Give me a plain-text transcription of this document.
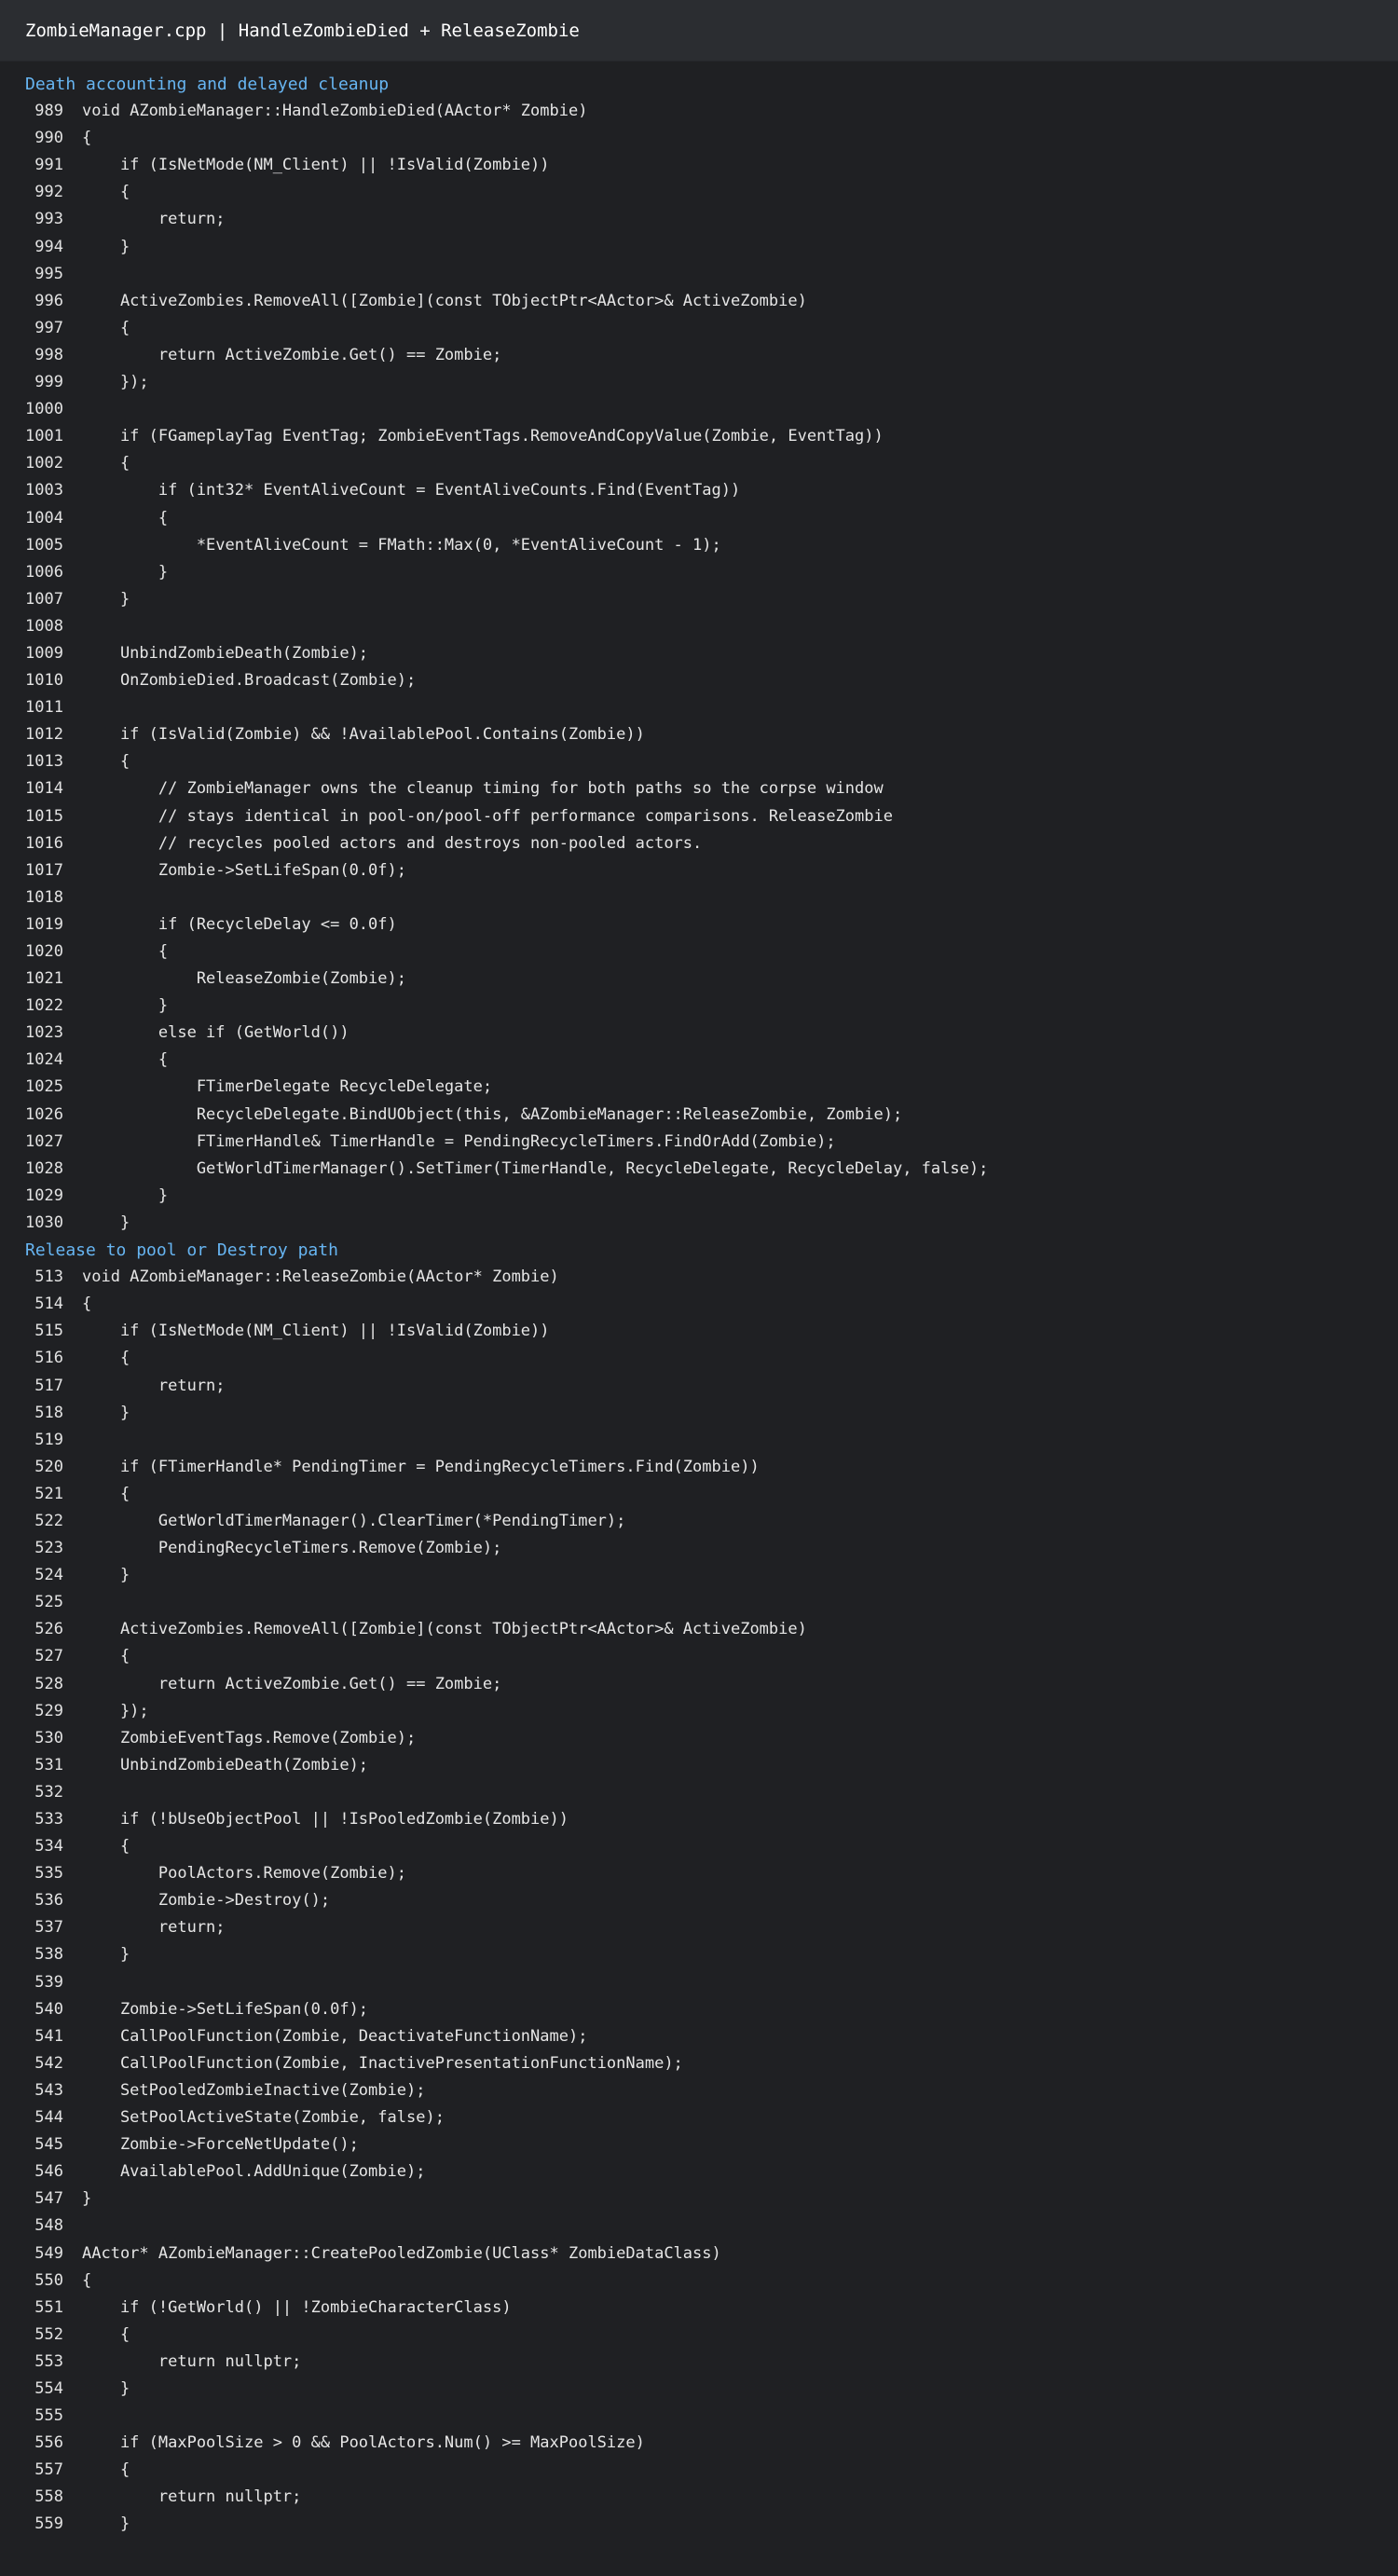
ZombieManager.cpp | HandleZombieDied + ReleaseZombie
Death accounting and delayed cleanup
989	void AZombieManager::HandleZombieDied(AActor* Zombie)
990	{
991	if (IsNetMode(NM_Client) || !IsValid(Zombie))
992	{
993	return;
994	}
995
996	ActiveZombies.RemoveAll([Zombie](const TObjectPtr<AActor>& ActiveZombie)
997	{
998	return ActiveZombie.Get() == Zombie;
999	});
1000
1001	if (FGameplayTag EventTag; ZombieEventTags.RemoveAndCopyValue(Zombie, EventTag))
1002	{
1003	if (int32* EventAliveCount = EventAliveCounts.Find(EventTag))
1004	{
1005	*EventAliveCount = FMath::Max(0, *EventAliveCount - 1);
1006	}
1007	}
1008
1009	UnbindZombieDeath(Zombie);
1010	OnZombieDied.Broadcast(Zombie);
1011
1012	if (IsValid(Zombie) && !AvailablePool.Contains(Zombie))
1013	{
1014	// ZombieManager owns the cleanup timing for both paths so the corpse window
1015	// stays identical in pool-on/pool-off performance comparisons. ReleaseZombie
1016	// recycles pooled actors and destroys non-pooled actors.
1017	Zombie->SetLifeSpan(0.0f);
1018
1019	if (RecycleDelay <= 0.0f)
1020	{
1021	ReleaseZombie(Zombie);
1022	}
1023	else if (GetWorld())
1024	{
1025	FTimerDelegate RecycleDelegate;
1026	RecycleDelegate.BindUObject(this, &AZombieManager::ReleaseZombie, Zombie);
1027	FTimerHandle& TimerHandle = PendingRecycleTimers.FindOrAdd(Zombie);
1028	GetWorldTimerManager().SetTimer(TimerHandle, RecycleDelegate, RecycleDelay, false);
1029	}
1030	}
Release to pool or Destroy path
513	void AZombieManager::ReleaseZombie(AActor* Zombie)
514	{
515	if (IsNetMode(NM_Client) || !IsValid(Zombie))
516	{
517	return;
518	}
519
520	if (FTimerHandle* PendingTimer = PendingRecycleTimers.Find(Zombie))
521	{
522	GetWorldTimerManager().ClearTimer(*PendingTimer);
523	PendingRecycleTimers.Remove(Zombie);
524	}
525
526	ActiveZombies.RemoveAll([Zombie](const TObjectPtr<AActor>& ActiveZombie)
527	{
528	return ActiveZombie.Get() == Zombie;
529	});
530	ZombieEventTags.Remove(Zombie);
531	UnbindZombieDeath(Zombie);
532
533	if (!bUseObjectPool || !IsPooledZombie(Zombie))
534	{
535	PoolActors.Remove(Zombie);
536	Zombie->Destroy();
537	return;
538	}
539
540	Zombie->SetLifeSpan(0.0f);
541	CallPoolFunction(Zombie, DeactivateFunctionName);
542	CallPoolFunction(Zombie, InactivePresentationFunctionName);
543	SetPooledZombieInactive(Zombie);
544	SetPoolActiveState(Zombie, false);
545	Zombie->ForceNetUpdate();
546	AvailablePool.AddUnique(Zombie);
547	}
548
549	AActor* AZombieManager::CreatePooledZombie(UClass* ZombieDataClass)
550	{
551	if (!GetWorld() || !ZombieCharacterClass)
552	{
553	return nullptr;
554	}
555
556	if (MaxPoolSize > 0 && PoolActors.Num() >= MaxPoolSize)
557	{
558	return nullptr;
559	}
